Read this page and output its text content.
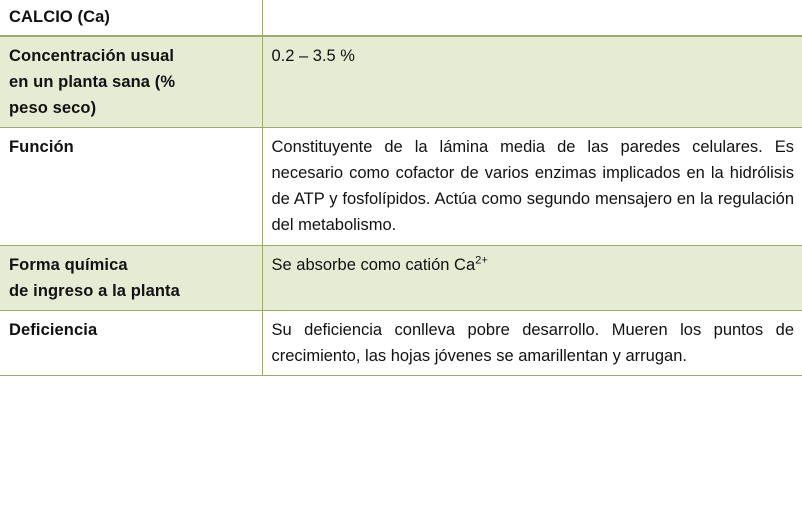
CALCIO (Ca)	

Concentración usual
en un planta sana (%
peso seco)	0.2 – 3.5 %

Función	Constituyente de la lámina media de las paredes celulares. Es necesario como cofactor de varios enzimas implicados en la hidrólisis de ATP y fosfolípidos. Actúa como segundo mensajero en la regulación del metabolismo.

Forma química
de ingreso a la planta	Se absorbe como catión $Ca^{2+}$

Deficiencia	Su deficiencia conlleva pobre desarrollo. Mueren los puntos de crecimiento, las hojas jóvenes se amarillentan y arrugan.
